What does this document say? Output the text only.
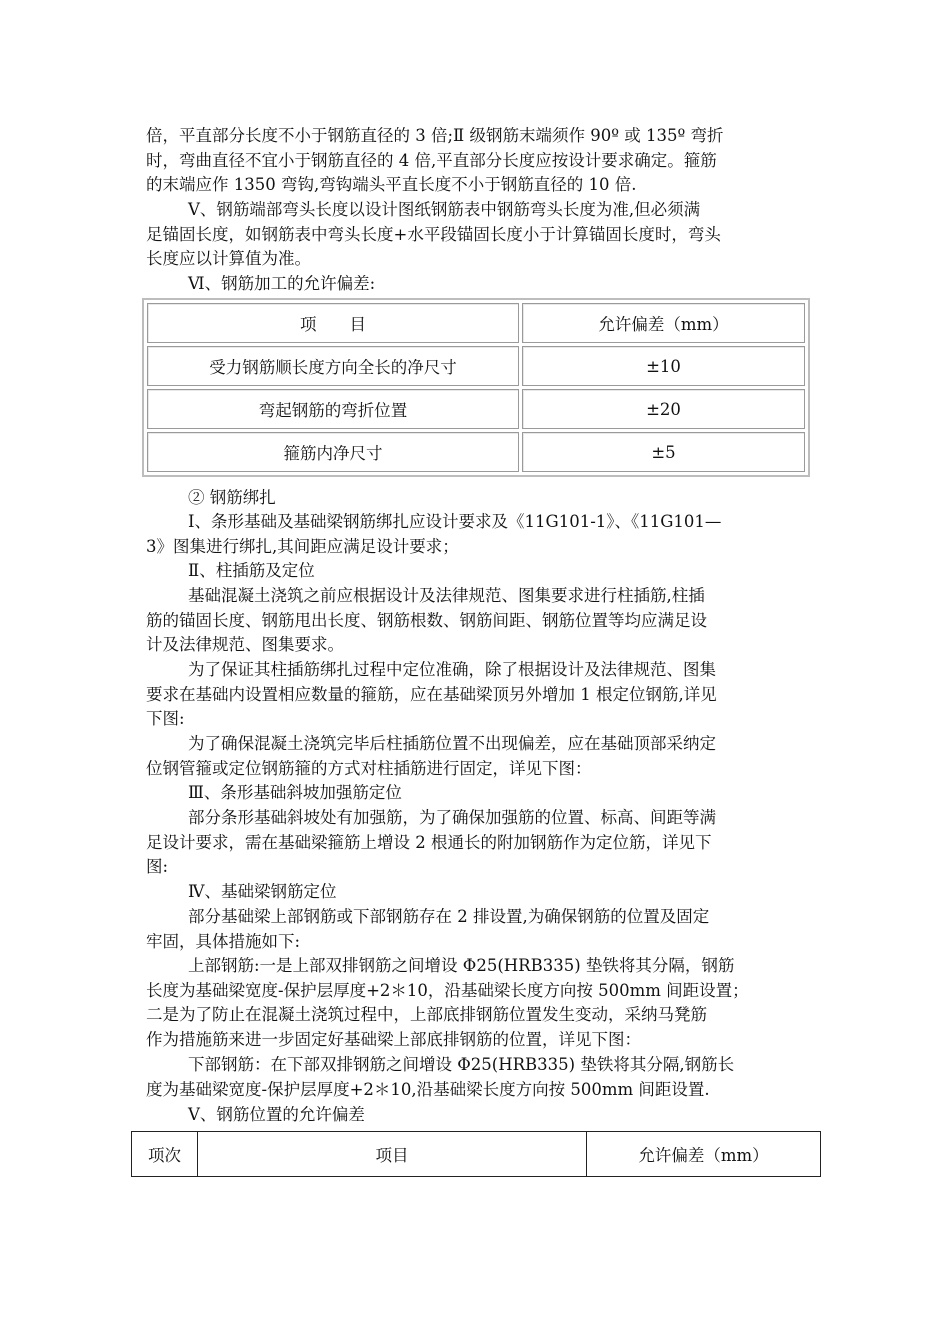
倍，平直部分长度不小于钢筋直径的 3 倍;Ⅱ 级钢筋末端须作 90º 或 135º 弯折
时，弯曲直径不宜小于钢筋直径的 4 倍,平直部分长度应按设计要求确定。箍筋
的末端应作 1350 弯钩,弯钩端头平直长度不小于钢筋直径的 10 倍.

Ⅴ、钢筋端部弯头长度以设计图纸钢筋表中钢筋弯头长度为准,但必须满
足锚固长度，如钢筋表中弯头长度+水平段锚固长度小于计算锚固长度时，弯头
长度应以计算值为准。

Ⅵ、钢筋加工的允许偏差:

项　　目	允许偏差（mm）
受力钢筋顺长度方向全长的净尺寸	±10
弯起钢筋的弯折位置	±20
箍筋内净尺寸	±5

② 钢筋绑扎

Ⅰ、条形基础及基础梁钢筋绑扎应设计要求及《11G101-1》、《11G101—
3》图集进行绑扎,其间距应满足设计要求；

Ⅱ、柱插筋及定位

基础混凝土浇筑之前应根据设计及法律规范、图集要求进行柱插筋,柱插
筋的锚固长度、钢筋甩出长度、钢筋根数、钢筋间距、钢筋位置等均应满足设
计及法律规范、图集要求。

为了保证其柱插筋绑扎过程中定位准确，除了根据设计及法律规范、图集
要求在基础内设置相应数量的箍筋，应在基础梁顶另外增加 1 根定位钢筋,详见
下图:

为了确保混凝土浇筑完毕后柱插筋位置不出现偏差，应在基础顶部采纳定
位钢管箍或定位钢筋箍的方式对柱插筋进行固定，详见下图：

Ⅲ、条形基础斜坡加强筋定位

部分条形基础斜坡处有加强筋，为了确保加强筋的位置、标高、间距等满
足设计要求，需在基础梁箍筋上增设 2 根通长的附加钢筋作为定位筋，详见下
图:

Ⅳ、基础梁钢筋定位

部分基础梁上部钢筋或下部钢筋存在 2 排设置,为确保钢筋的位置及固定
牢固，具体措施如下:

上部钢筋:一是上部双排钢筋之间增设 Φ25(HRB335) 垫铁将其分隔，钢筋
长度为基础梁宽度-保护层厚度+2＊10，沿基础梁长度方向按 500mm 间距设置；
二是为了防止在混凝土浇筑过程中，上部底排钢筋位置发生变动，采纳马凳筋
作为措施筋来进一步固定好基础梁上部底排钢筋的位置，详见下图：

下部钢筋：在下部双排钢筋之间增设 Φ25(HRB335) 垫铁将其分隔,钢筋长
度为基础梁宽度-保护层厚度+2＊10,沿基础梁长度方向按 500mm 间距设置.

Ⅴ、钢筋位置的允许偏差

项次	项目	允许偏差（mm）
